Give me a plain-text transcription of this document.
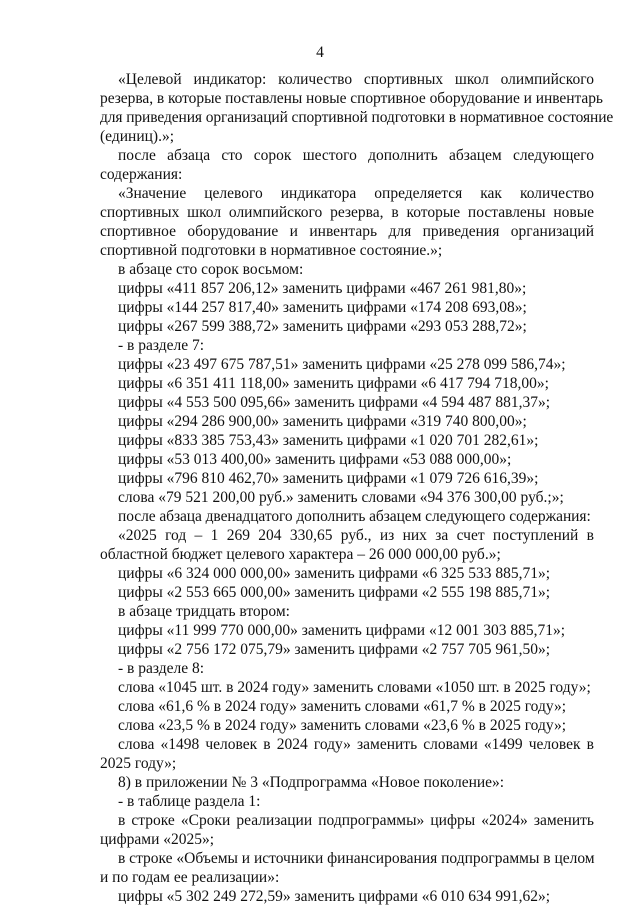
4
«Целевой индикатор: количество спортивных школ олимпийского
резерва, в которые поставлены новые спортивное оборудование и инвентарь
для приведения организаций спортивной подготовки в нормативное состояние
(единиц).»;
после абзаца сто сорок шестого дополнить абзацем следующего
содержания:
«Значение целевого индикатора определяется как количество
спортивных школ олимпийского резерва, в которые поставлены новые
спортивное оборудование и инвентарь для приведения организаций
спортивной подготовки в нормативное состояние.»;
в абзаце сто сорок восьмом:
цифры «411 857 206,12» заменить цифрами «467 261 981,80»;
цифры «144 257 817,40» заменить цифрами «174 208 693,08»;
цифры «267 599 388,72» заменить цифрами «293 053 288,72»;
- в разделе 7:
цифры «23 497 675 787,51» заменить цифрами «25 278 099 586,74»;
цифры «6 351 411 118,00» заменить цифрами «6 417 794 718,00»;
цифры «4 553 500 095,66» заменить цифрами «4 594 487 881,37»;
цифры «294 286 900,00» заменить цифрами «319 740 800,00»;
цифры «833 385 753,43» заменить цифрами «1 020 701 282,61»;
цифры «53 013 400,00» заменить цифрами «53 088 000,00»;
цифры «796 810 462,70» заменить цифрами «1 079 726 616,39»;
слова «79 521 200,00 руб.» заменить словами «94 376 300,00 руб.;»;
после абзаца двенадцатого дополнить абзацем следующего содержания:
«2025 год – 1 269 204 330,65 руб., из них за счет поступлений в
областной бюджет целевого характера – 26 000 000,00 руб.»;
цифры «6 324 000 000,00» заменить цифрами «6 325 533 885,71»;
цифры «2 553 665 000,00» заменить цифрами «2 555 198 885,71»;
в абзаце тридцать втором:
цифры «11 999 770 000,00» заменить цифрами «12 001 303 885,71»;
цифры «2 756 172 075,79» заменить цифрами «2 757 705 961,50»;
- в разделе 8:
слова «1045 шт. в 2024 году» заменить словами «1050 шт. в 2025 году»;
слова «61,6 % в 2024 году» заменить словами «61,7 % в 2025 году»;
слова «23,5 % в 2024 году» заменить словами «23,6 % в 2025 году»;
слова «1498 человек в 2024 году» заменить словами «1499 человек в
2025 году»;
8) в приложении № 3 «Подпрограмма «Новое поколение»:
- в таблице раздела 1:
в строке «Сроки реализации подпрограммы» цифры «2024» заменить
цифрами «2025»;
в строке «Объемы и источники финансирования подпрограммы в целом
и по годам ее реализации»:
цифры «5 302 249 272,59» заменить цифрами «6 010 634 991,62»;
